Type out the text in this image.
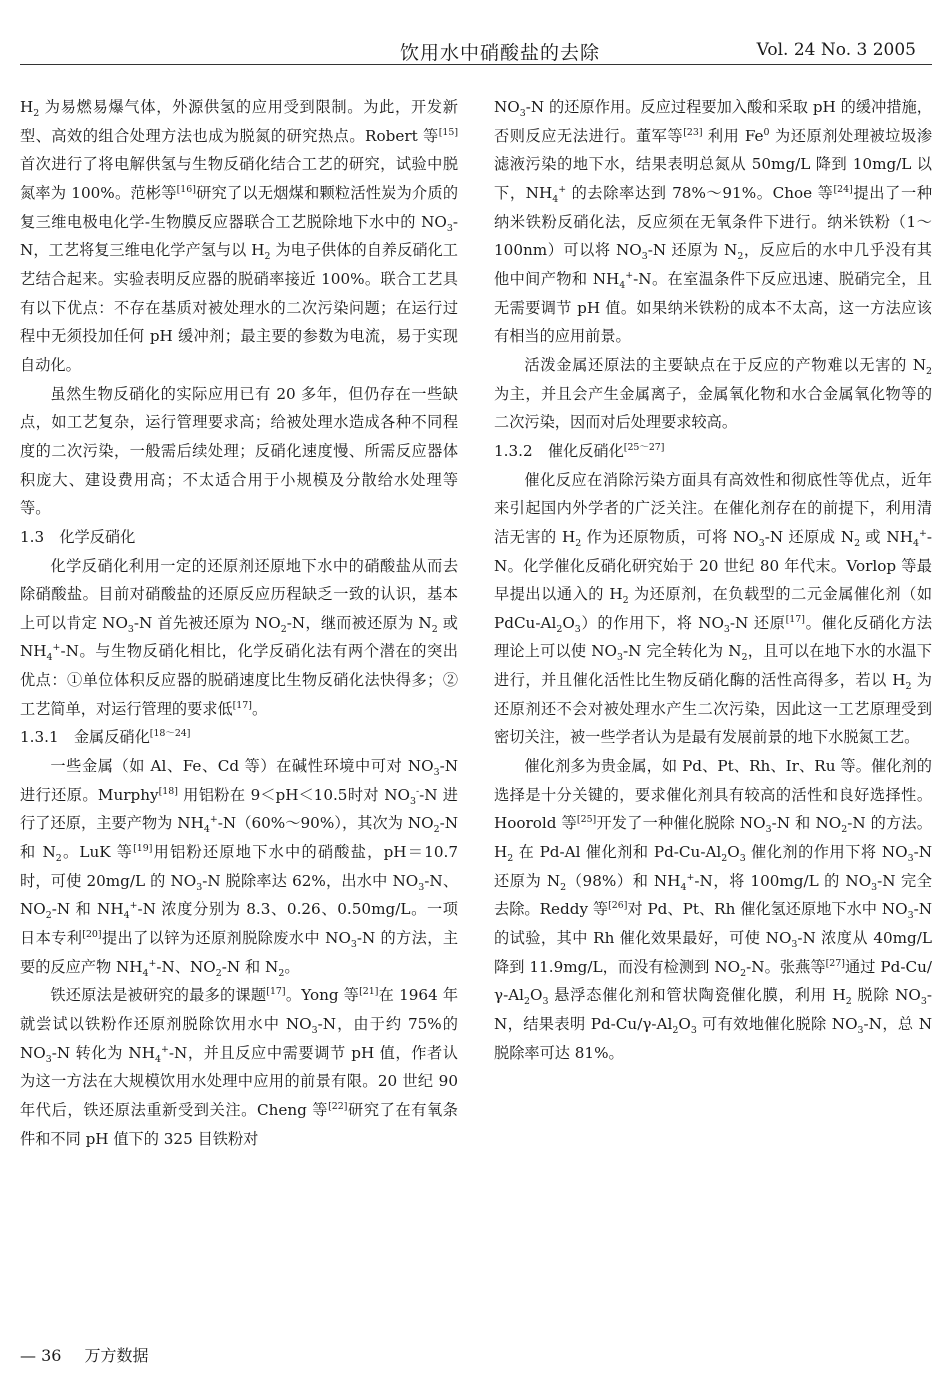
饮用水中硝酸盐的去除	Vol. 24 No. 3 2005

$H_2$ 为易燃易爆气体，外源供氢的应用受到限制。为此，开发新型、高效的组合处理方法也成为脱氮的研究热点。Robert 等[15]首次进行了将电解供氢与生物反硝化结合工艺的研究，试验中脱氮率为 100%。范彬等[16]研究了以无烟煤和颗粒活性炭为介质的复三维电极电化学-生物膜反应器联合工艺脱除地下水中的 $NO_3-N$，工艺将复三维电化学产氢与以 $H_2$ 为电子供体的自养反硝化工艺结合起来。实验表明反应器的脱硝率接近 100%。联合工艺具有以下优点：不存在基质对被处理水的二次污染问题；在运行过程中无须投加任何 pH 缓冲剂；最主要的参数为电流，易于实现自动化。

虽然生物反硝化的实际应用已有 20 多年，但仍存在一些缺点，如工艺复杂，运行管理要求高；给被处理水造成各种不同程度的二次污染，一般需后续处理；反硝化速度慢、所需反应器体积庞大、建设费用高；不太适合用于小规模及分散给水处理等等。

1.3　化学反硝化

化学反硝化利用一定的还原剂还原地下水中的硝酸盐从而去除硝酸盐。目前对硝酸盐的还原反应历程缺乏一致的认识，基本上可以肯定 $NO_3-N$ 首先被还原为 $NO_2-N$，继而被还原为 $N_2$ 或 $NH_4^+-N$。与生物反硝化相比，化学反硝化法有两个潜在的突出优点：①单位体积反应器的脱硝速度比生物反硝化法快得多；②工艺简单，对运行管理的要求低[17]。

1.3.1　金属反硝化[18～24]

一些金属（如 Al、Fe、Cd 等）在碱性环境中可对 $NO_3-N$ 进行还原。Murphy[18] 用铝粉在 9＜pH＜10.5时对 $NO_3^--N$ 进行了还原，主要产物为 $NH_4^+-N(60\%\sim 90\%)$，其次为 $NO_2-N$ 和 $N_2$。LuK 等[19]用铝粉还原地下水中的硝酸盐，pH＝10.7 时，可使 20mg/L 的 $NO_3-N$ 脱除率达 62%，出水中 $NO_3-N$、$NO_2-N$ 和 $NH_4^+-N$ 浓度分别为 8.3、0.26、0.50mg/L。一项日本专利[20]提出了以锌为还原剂脱除废水中 $NO_3-N$ 的方法，主要的反应产物 $NH_4^+-N$、$NO_2-N$ 和 $N_2$。

铁还原法是被研究的最多的课题[17]。Yong 等[21]在 1964 年就尝试以铁粉作还原剂脱除饮用水中 $NO_3-N$，由于约 75%的 $NO_3-N$ 转化为 $NH_4^+-N$，并且反应中需要调节 pH 值，作者认为这一方法在大规模饮用水处理中应用的前景有限。20 世纪 90 年代后，铁还原法重新受到关注。Cheng 等[22]研究了在有氧条件和不同 pH 值下的 325 目铁粉对

$NO_3-N$ 的还原作用。反应过程要加入酸和采取 pH 的缓冲措施，否则反应无法进行。董军等[23] 利用 Fe$^0$ 为还原剂处理被垃圾渗滤液污染的地下水，结果表明总氮从 50mg/L 降到 10mg/L 以下，$NH_4^+$ 的去除率达到 78%～91%。Choe 等[24]提出了一种纳米铁粉反硝化法，反应须在无氧条件下进行。纳米铁粉（1～100nm）可以将 $NO_3-N$ 还原为 $N_2$，反应后的水中几乎没有其他中间产物和 $NH_4^+-N$。在室温条件下反应迅速、脱硝完全，且无需要调节 pH 值。如果纳米铁粉的成本不太高，这一方法应该有相当的应用前景。

活泼金属还原法的主要缺点在于反应的产物难以无害的 $N_2$ 为主，并且会产生金属离子，金属氧化物和水合金属氧化物等的二次污染，因而对后处理要求较高。

1.3.2　催化反硝化[25～27]

催化反应在消除污染方面具有高效性和彻底性等优点，近年来引起国内外学者的广泛关注。在催化剂存在的前提下，利用清洁无害的 $H_2$ 作为还原物质，可将 $NO_3-N$ 还原成 $N_2$ 或 $NH_4^+-N$。化学催化反硝化研究始于 20 世纪 80 年代末。Vorlop 等最早提出以通入的 $H_2$ 为还原剂，在负载型的二元金属催化剂（如 PdCu-$Al_2O_3$）的作用下，将 $NO_3-N$ 还原[17]。催化反硝化方法理论上可以使 $NO_3-N$ 完全转化为 $N_2$，且可以在地下水的水温下进行，并且催化活性比生物反硝化酶的活性高得多，若以 $H_2$ 为还原剂还不会对被处理水产生二次污染，因此这一工艺原理受到密切关注，被一些学者认为是最有发展前景的地下水脱氮工艺。

催化剂多为贵金属，如 Pd、Pt、Rh、Ir、Ru 等。催化剂的选择是十分关键的，要求催化剂具有较高的活性和良好选择性。Hoorold 等[25]开发了一种催化脱除 $NO_3-N$ 和 $NO_2-N$ 的方法。$H_2$ 在 Pd-Al 催化剂和 $Pd-Cu-Al_2O_3$ 催化剂的作用下将 $NO_3-N$ 还原为 $N_2(98\%)$和 $NH_4^+-N$，将 100mg/L 的 $NO_3-N$ 完全去除。Reddy 等[26]对 Pd、Pt、Rh 催化氢还原地下水中 $NO_3-N$ 的试验，其中 Rh 催化效果最好，可使 $NO_3-N$ 浓度从 40mg/L 降到 11.9mg/L，而没有检测到 $NO_2-N$。张燕等[27]通过 $Pd-Cu/\gamma-Al_2O_3$ 悬浮态催化剂和管状陶瓷催化膜，利用 $H_2$ 脱除 $NO_3-N$，结果表明 $Pd-Cu/\gamma-Al_2O_3$ 可有效地催化脱除 $NO_3-N$，总 N 脱除率可达 81%。

— 36 万方数据
